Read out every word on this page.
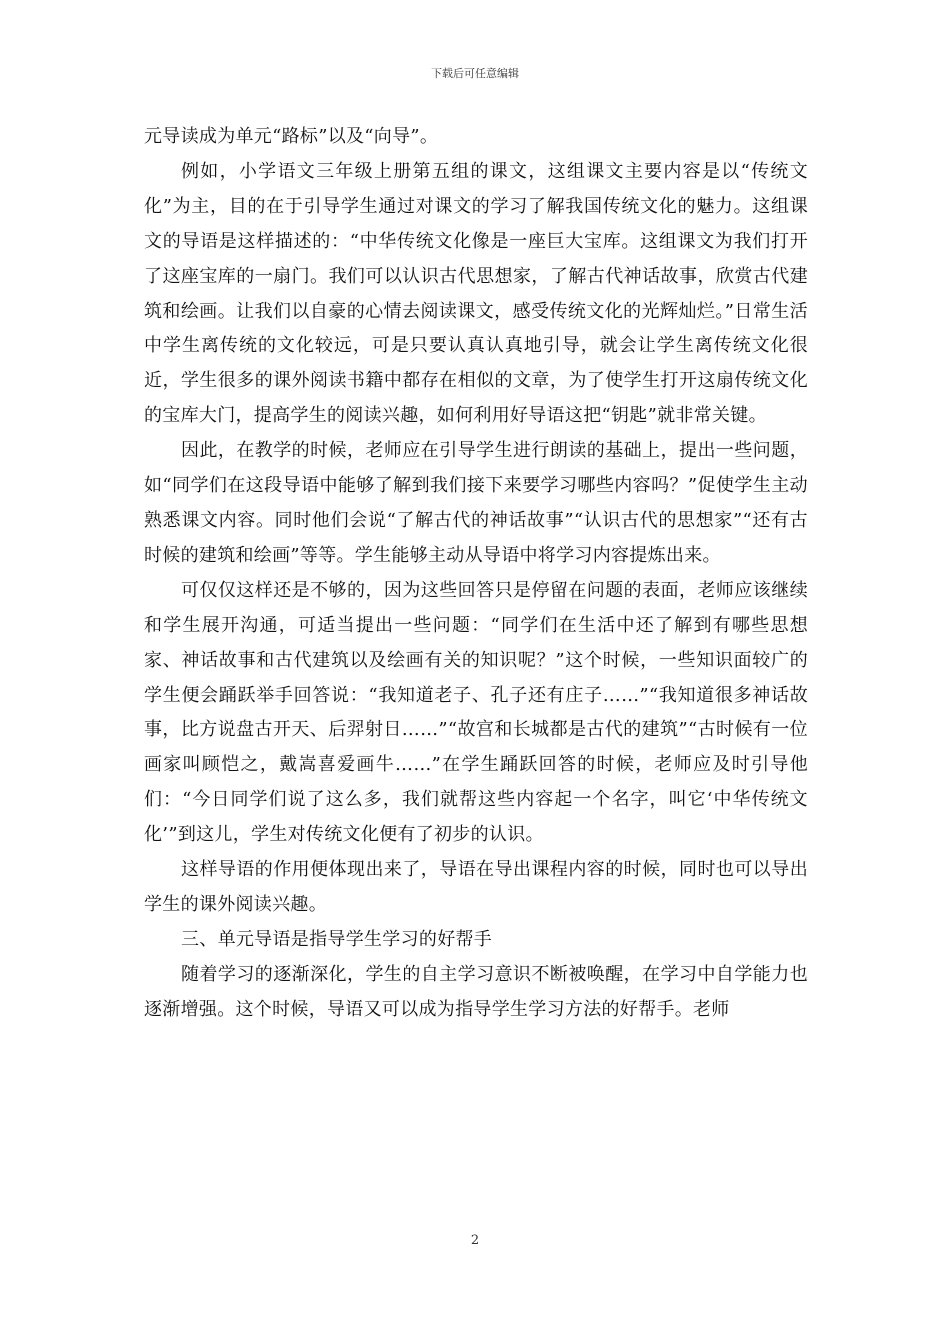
下载后可任意编辑

元导读成为单元“路标”以及“向导”。

例如，小学语文三年级上册第五组的课文，这组课文主要内容是以“传统文化”为主，目的在于引导学生通过对课文的学习了解我国传统文化的魅力。这组课文的导语是这样描述的：“中华传统文化像是一座巨大宝库。这组课文为我们打开了这座宝库的一扇门。我们可以认识古代思想家，了解古代神话故事，欣赏古代建筑和绘画。让我们以自豪的心情去阅读课文，感受传统文化的光辉灿烂。”日常生活中学生离传统的文化较远，可是只要认真认真地引导，就会让学生离传统文化很近，学生很多的课外阅读书籍中都存在相似的文章，为了使学生打开这扇传统文化的宝库大门，提高学生的阅读兴趣，如何利用好导语这把“钥匙”就非常关键。

因此，在教学的时候，老师应在引导学生进行朗读的基础上，提出一些问题，如“同学们在这段导语中能够了解到我们接下来要学习哪些内容吗？”促使学生主动熟悉课文内容。同时他们会说“了解古代的神话故事”“认识古代的思想家”“还有古时候的建筑和绘画”等等。学生能够主动从导语中将学习内容提炼出来。

可仅仅这样还是不够的，因为这些回答只是停留在问题的表面，老师应该继续和学生展开沟通，可适当提出一些问题：“同学们在生活中还了解到有哪些思想家、神话故事和古代建筑以及绘画有关的知识呢？”这个时候，一些知识面较广的学生便会踊跃举手回答说：“我知道老子、孔子还有庄子……”“我知道很多神话故事，比方说盘古开天、后羿射日……”“故宫和长城都是古代的建筑”“古时候有一位画家叫顾恺之，戴嵩喜爱画牛……”在学生踊跃回答的时候，老师应及时引导他们：“今日同学们说了这么多，我们就帮这些内容起一个名字，叫它‘中华传统文化’”到这儿，学生对传统文化便有了初步的认识。

这样导语的作用便体现出来了，导语在导出课程内容的时候，同时也可以导出学生的课外阅读兴趣。

三、单元导语是指导学生学习的好帮手

随着学习的逐渐深化，学生的自主学习意识不断被唤醒，在学习中自学能力也逐渐增强。这个时候，导语又可以成为指导学生学习方法的好帮手。老师

2
